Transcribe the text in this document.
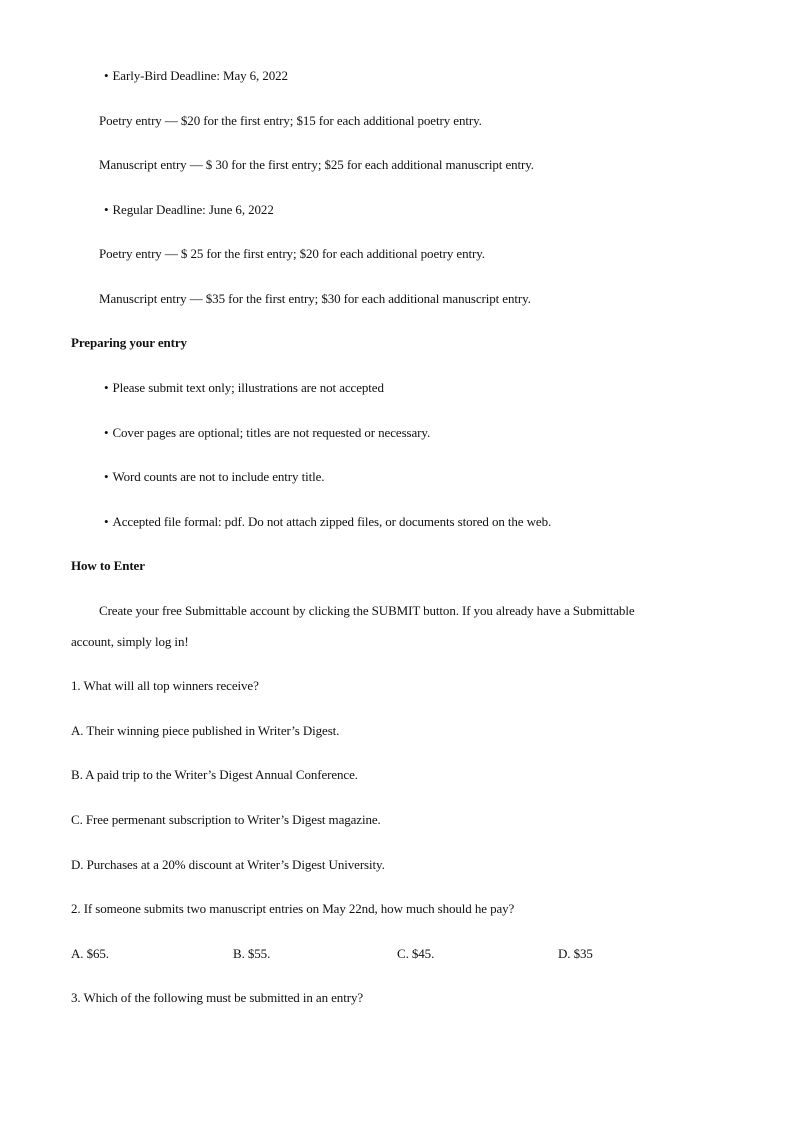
• Early-Bird Deadline: May 6, 2022
Poetry entry — $20 for the first entry; $15 for each additional poetry entry.
Manuscript entry — $ 30 for the first entry; $25 for each additional manuscript entry.
• Regular Deadline: June 6, 2022
Poetry entry — $ 25 for the first entry; $20 for each additional poetry entry.
Manuscript entry — $35 for the first entry; $30 for each additional manuscript entry.
Preparing your entry
• Please submit text only; illustrations are not accepted
• Cover pages are optional; titles are not requested or necessary.
• Word counts are not to include entry title.
• Accepted file formal: pdf. Do not attach zipped files, or documents stored on the web.
How to Enter
Create your free Submittable account by clicking the SUBMIT button. If you already have a Submittable
account, simply log in!
1. What will all top winners receive?
A. Their winning piece published in Writer’s Digest.
B. A paid trip to the Writer’s Digest Annual Conference.
C. Free permenant subscription to Writer’s Digest magazine.
D. Purchases at a 20% discount at Writer’s Digest University.
2. If someone submits two manuscript entries on May 22nd, how much should he pay?
A. $65.	B. $55.	C. $45.	D. $35
3. Which of the following must be submitted in an entry?
